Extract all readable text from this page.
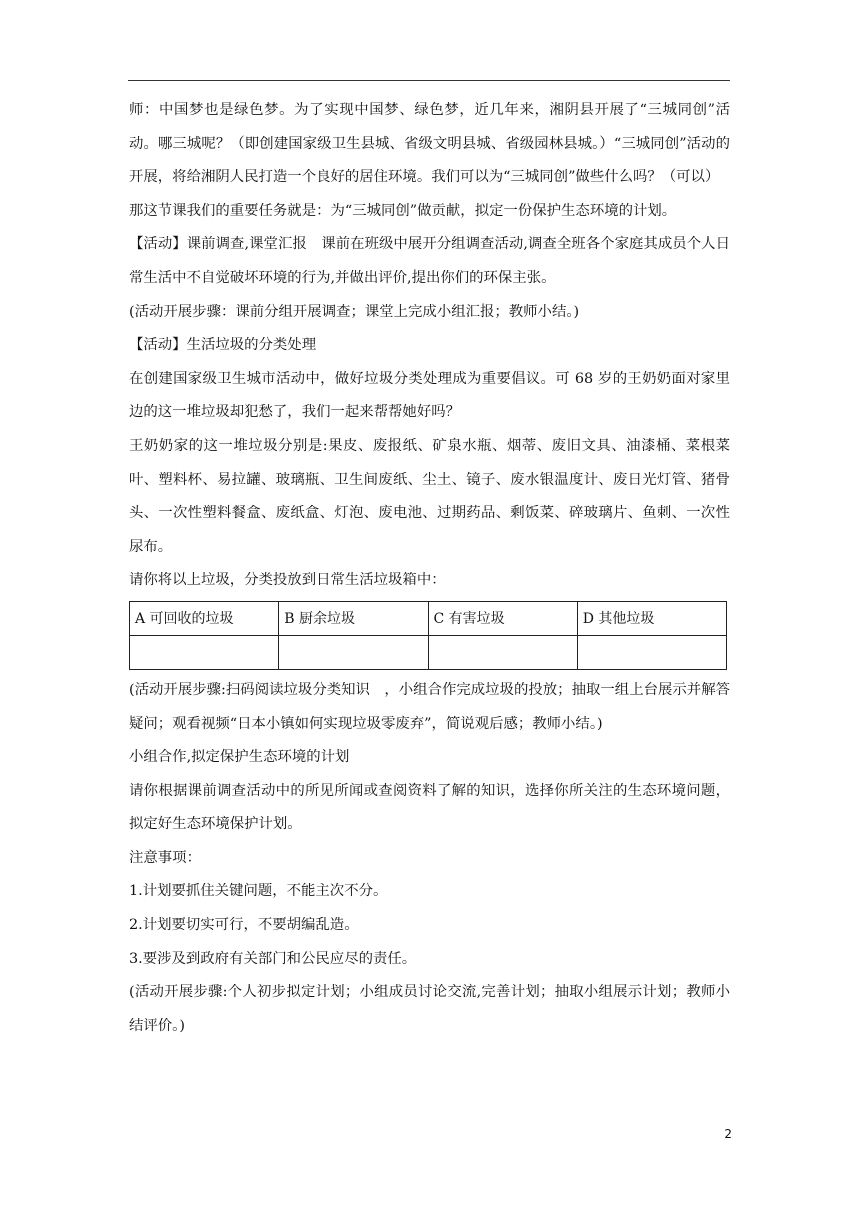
师：中国梦也是绿色梦。为了实现中国梦、绿色梦，近几年来，湘阴县开展了“三城同创”活动。哪三城呢？（即创建国家级卫生县城、省级文明县城、省级园林县城。）“三城同创”活动的开展，将给湘阴人民打造一个良好的居住环境。我们可以为“三城同创”做些什么吗？（可以）

那这节课我们的重要任务就是：为“三城同创”做贡献，拟定一份保护生态环境的计划。

【活动】课前调查,课堂汇报　课前在班级中展开分组调查活动,调查全班各个家庭其成员个人日常生活中不自觉破坏环境的行为,并做出评价,提出你们的环保主张。

(活动开展步骤：课前分组开展调查；课堂上完成小组汇报；教师小结。)

【活动】生活垃圾的分类处理

在创建国家级卫生城市活动中，做好垃圾分类处理成为重要倡议。可 68 岁的王奶奶面对家里边的这一堆垃圾却犯愁了，我们一起来帮帮她好吗？

王奶奶家的这一堆垃圾分别是:果皮、废报纸、矿泉水瓶、烟蒂、废旧文具、油漆桶、菜根菜叶、塑料杯、易拉罐、玻璃瓶、卫生间废纸、尘土、镜子、废水银温度计、废日光灯管、猪骨头、一次性塑料餐盒、废纸盒、灯泡、废电池、过期药品、剩饭菜、碎玻璃片、鱼刺、一次性尿布。

请你将以上垃圾，分类投放到日常生活垃圾箱中：

A 可回收的垃圾	B 厨余垃圾	C 有害垃圾	D 其他垃圾

(活动开展步骤:扫码阅读垃圾分类知识　，小组合作完成垃圾的投放；抽取一组上台展示并解答疑问；观看视频“日本小镇如何实现垃圾零废弃”，简说观后感；教师小结。)

小组合作,拟定保护生态环境的计划

请你根据课前调查活动中的所见所闻或查阅资料了解的知识，选择你所关注的生态环境问题，拟定好生态环境保护计划。

注意事项：

1.计划要抓住关键问题，不能主次不分。

2.计划要切实可行，不要胡编乱造。

3.要涉及到政府有关部门和公民应尽的责任。

(活动开展步骤:个人初步拟定计划；小组成员讨论交流,完善计划；抽取小组展示计划；教师小结评价。)

2
